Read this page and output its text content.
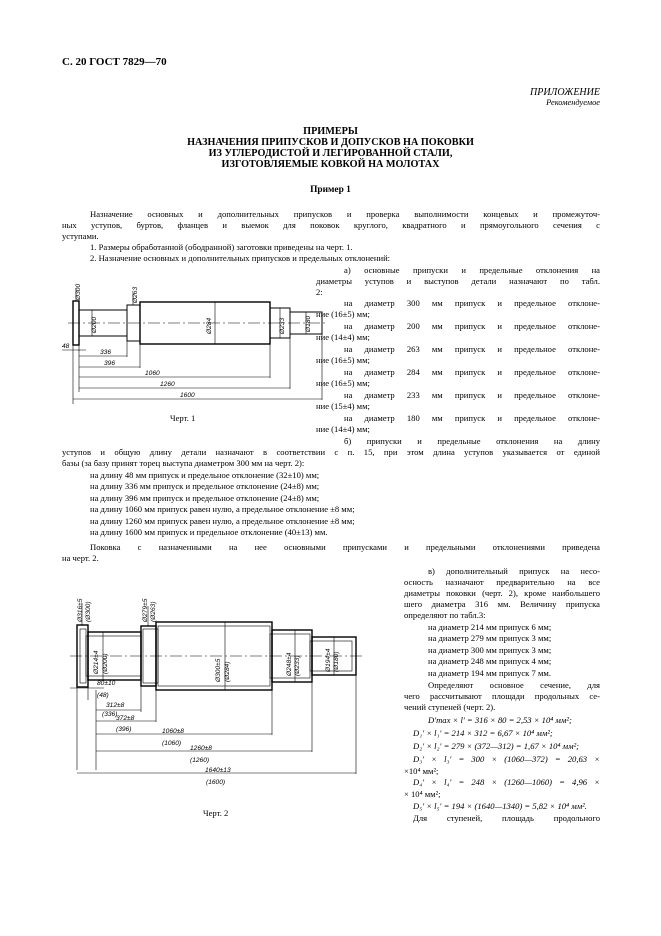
С. 20 ГОСТ 7829—70
ПРИЛОЖЕНИЕ
Рекомендуемое
ПРИМЕРЫ
НАЗНАЧЕНИЯ ПРИПУСКОВ И ДОПУСКОВ НА ПОКОВКИ
ИЗ УГЛЕРОДИСТОЙ И ЛЕГИРОВАННОЙ СТАЛИ,
ИЗГОТОВЛЯЕМЫЕ КОВКОЙ НА МОЛОТАХ
Пример 1
Назначение основных и дополнительных припусков и проверка выполнимости концевых и промежуточ-
ных уступов, буртов, фланцев и выемок для поковок круглого, квадратного и прямоугольного сечения с
уступами.
1. Размеры обработанной (ободранной) заготовки приведены на черт. 1.
2. Назначение основных и дополнительных припусков и предельных отклонений:
а) основные припуски и предельные отклонения на
диаметры уступов и выступов детали назначают по табл.
2:
на диаметр 300 мм припуск и предельное отклоне-
ние (16±5) мм;
на диаметр 200 мм припуск и предельное отклоне-
ние (14±4) мм;
на диаметр 263 мм припуск и предельное отклоне-
ние (16±5) мм;
на диаметр 284 мм припуск и предельное отклоне-
ние (16±5) мм;
на диаметр 233 мм припуск и предельное отклоне-
ние (15±4) мм;
на диаметр 180 мм припуск и предельное отклоне-
ние (14±4) мм;
б) припуски и предельные отклонения на длину
уступов и общую длину детали назначают в соответствии с п. 15, при этом длина уступов указывается от единой
базы (за базу принят торец выступа диаметром 300 мм на черт. 2):
на длину 48 мм припуск и предельное отклонение (32±10) мм;
на длину 336 мм припуск и предельное отклонение (24±8) мм;
на длину 396 мм припуск и предельное отклонение (24±8) мм;
на длину 1060 мм припуск равен нулю, а предельное отклонение ±8 мм;
на длину 1260 мм припуск равен нулю, а предельное отклонение ±8 мм;
на длину 1600 мм припуск и предельное отклонение (40±13) мм.
Поковка с назначенными на нее основными припусками и предельными отклонениями приведена
на черт. 2.
в) дополнительный припуск на несо-
осность назначают предварительно на все
диаметры поковки (черт. 2), кроме наибольшего
шего диаметра 316 мм. Величину припуска
определяют по табл.3:
на диаметр 214 мм припуск 6 мм;
на диаметр 279 мм припуск 3 мм;
на диаметр 300 мм припуск 3 мм;
на диаметр 248 мм припуск 4 мм;
на диаметр 194 мм припуск 7 мм.
Определяют основное сечение, для
чего рассчитывают площади продольных се-
чений ступеней (черт. 2).
D′max × l′ = 316 × 80 = 2,53 × 10⁴ мм²;
D₁′ × l₁′ = 214 × 312 = 6,67 × 10⁴ мм²;
D₂′ × l₂′ = 279 × (372—312) = 1,67 × 10⁴ мм²;
D₃′ × l₃′ = 300 × (1060—372) = 20,63 ×
×10⁴ мм²;
D₄′ × l₄′ = 248 × (1260—1060) = 4,96 ×
× 10⁴ мм²;
D₅′ × l₅′ = 194 × (1640—1340) = 5,82 × 10⁴ мм².
Для ступеней, площадь продольного
Ø300
Ø200
Ø263
Ø284	Ø233	Ø180
48
336
396
1060
1260
1600
Черт. 1
Ø316±5 (Ø300)
Ø214±4 (Ø200)
Ø279±5 (Ø263)
Ø300±5 (Ø284)	Ø248±4 (Ø233)	Ø194±4 (Ø180)
80±10
(48)
312±8
(336)
372±8
(396)	1060±8
(1060)
1260±8
(1260)
1640±13
(1600)
Черт. 2
